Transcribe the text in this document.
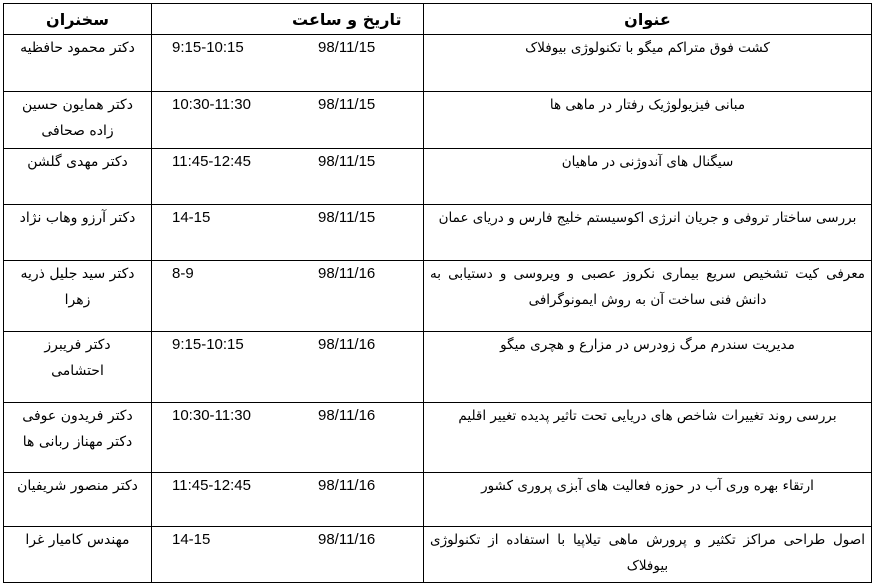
سخنران	تاریخ و ساعت	عنوان
دکتر محمود حافظیه	9:15-10:15 98/11/15	کشت فوق متراکم میگو با تکنولوژی بیوفلاک
دکتر همایون حسین زاده صحافی	10:30-11:30 98/11/15	مبانی فیزیولوژیک رفتار در ماهی ها
دکتر مهدی گلشن	11:45-12:45 98/11/15	سیگنال های آندوژنی در ماهیان
دکتر آرزو وهاب نژاد	14-15 98/11/15	بررسی ساختار تروفی و جریان انرژی اکوسیستم خلیج فارس و دریای عمان
دکتر سید جلیل ذریه زهرا	8-9 98/11/16	معرفی کیت تشخیص سریع بیماری نکروز عصبی و ویروسی و دستیابی به دانش فنی ساخت آن به روش ایمونوگرافی
دکتر فریبرز احتشامی	9:15-10:15 98/11/16	مدیریت سندرم مرگ زودرس در مزارع و هچری میگو
دکتر فریدون عوفی دکتر مهناز ربانی ها	10:30-11:30 98/11/16	بررسی روند تغییرات شاخص های دریایی تحت تاثیر پدیده تغییر اقلیم
دکتر منصور شریفیان	11:45-12:45 98/11/16	ارتقاء بهره وری آب در حوزه فعالیت های آبزی پروری کشور
مهندس کامیار غرا	14-15 98/11/16	اصول طراحی مراکز تکثیر و پرورش ماهی تیلاپیا با استفاده از تکنولوژی بیوفلاک
